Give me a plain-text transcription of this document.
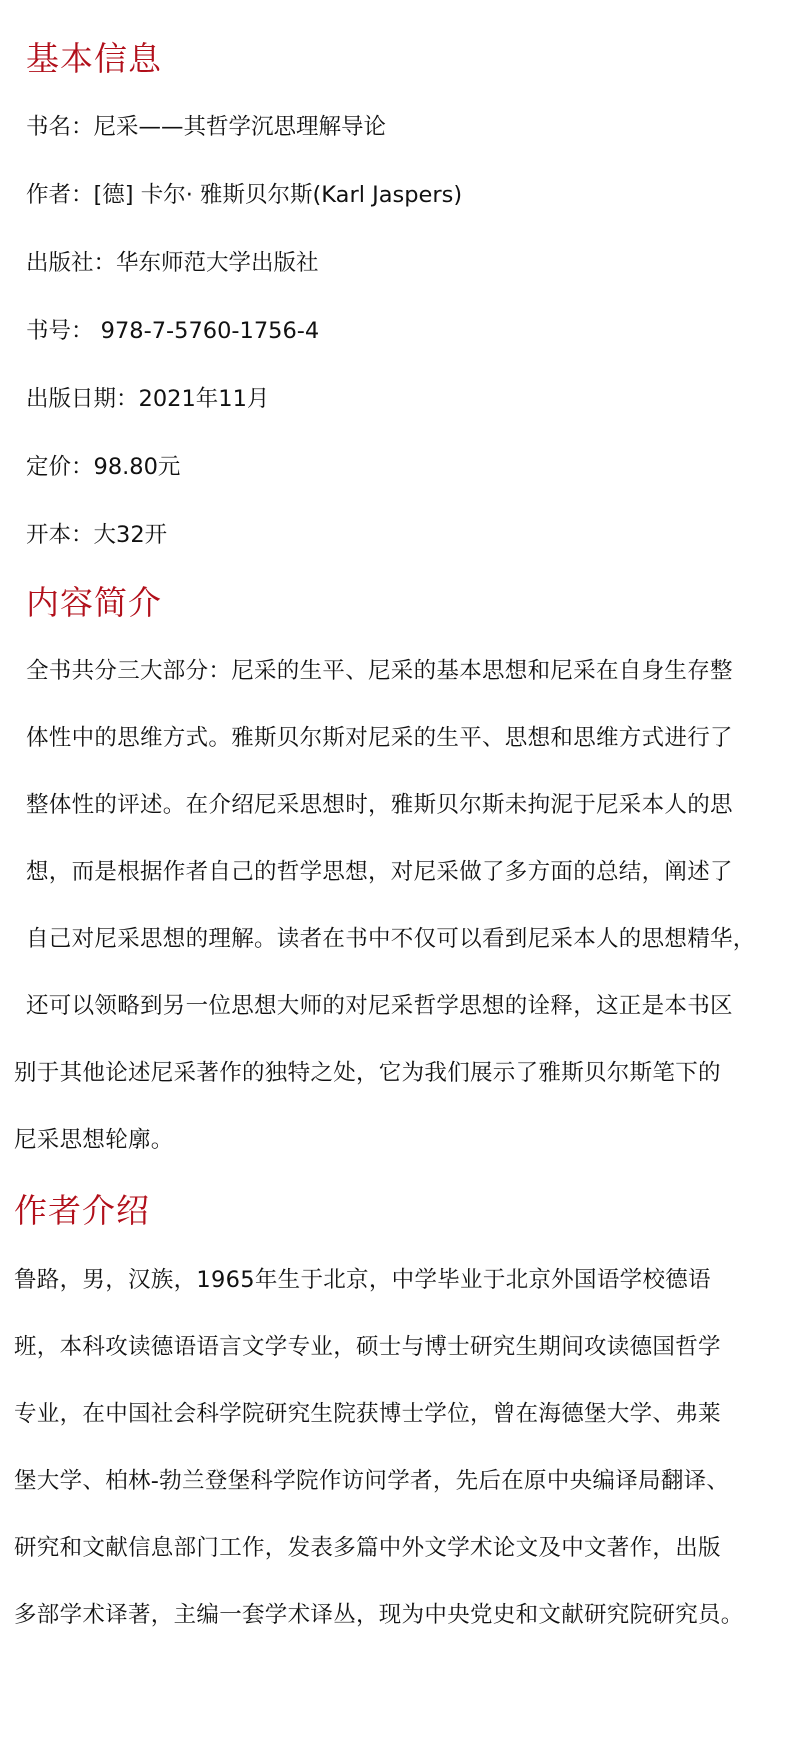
基本信息

书名：尼采——其哲学沉思理解导论

作者：[德] 卡尔· 雅斯贝尔斯(Karl Jaspers)

出版社：华东师范大学出版社

书号： 978-7-5760-1756-4

出版日期：2021年11月

定价：98.80元

开本：大32开

内容简介
全书共分三大部分：尼采的生平、尼采的基本思想和尼采在自身生存整
体性中的思维方式。雅斯贝尔斯对尼采的生平、思想和思维方式进行了
整体性的评述。在介绍尼采思想时，雅斯贝尔斯未拘泥于尼采本人的思
想，而是根据作者自己的哲学思想，对尼采做了多方面的总结，阐述了
自己对尼采思想的理解。读者在书中不仅可以看到尼采本人的思想精华，
还可以领略到另一位思想大师的对尼采哲学思想的诠释，这正是本书区
别于其他论述尼采著作的独特之处，它为我们展示了雅斯贝尔斯笔下的
尼采思想轮廓。
作者介绍
鲁路，男，汉族，1965年生于北京，中学毕业于北京外国语学校德语
班，本科攻读德语语言文学专业，硕士与博士研究生期间攻读德国哲学
专业，在中国社会科学院研究生院获博士学位，曾在海德堡大学、弗莱
堡大学、柏林-勃兰登堡科学院作访问学者，先后在原中央编译局翻译、
研究和文献信息部门工作，发表多篇中外文学术论文及中文著作，出版
多部学术译著，主编一套学术译丛，现为中央党史和文献研究院研究员。
